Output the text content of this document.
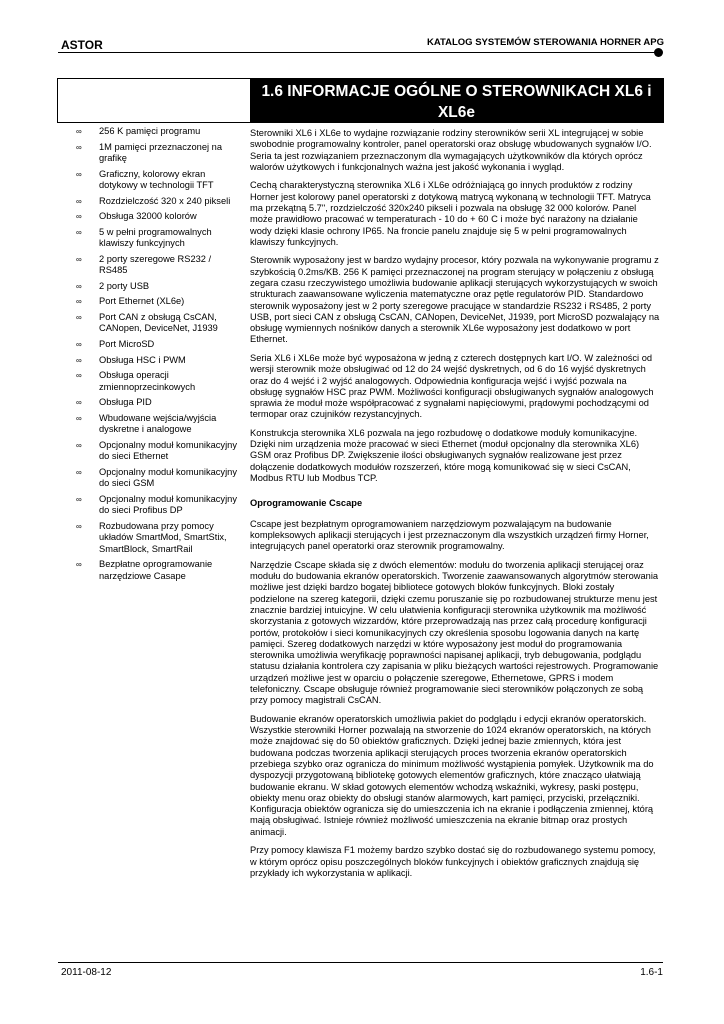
ASTOR	KATALOG SYSTEMÓW STEROWANIA HORNER APG
1.6 INFORMACJE OGÓLNE O STEROWNIKACH XL6 i XL6e
∞ 256 K pamięci programu
∞ 1M pamięci przeznaczonej na grafikę
∞ Graficzny, kolorowy ekran dotykowy w technologii TFT
∞ Rozdzielczość 320 x 240 pikseli
∞ Obsługa 32000 kolorów
∞ 5 w pełni programowalnych klawiszy funkcyjnych
∞ 2 porty szeregowe RS232 / RS485
∞ 2 porty USB
∞ Port Ethernet (XL6e)
∞ Port CAN z obsługą CsCAN, CANopen, DeviceNet, J1939
∞ Port MicroSD
∞ Obsługa HSC i PWM
∞ Obsługa operacji zmiennoprzecinkowych
∞ Obsługa PID
∞ Wbudowane wejścia/wyjścia dyskretne i analogowe
∞ Opcjonalny moduł komunikacyjny do sieci Ethernet
∞ Opcjonalny moduł komunikacyjny do sieci GSM
∞ Opcjonalny moduł komunikacyjny do sieci Profibus DP
∞ Rozbudowana przy pomocy układów SmartMod, SmartStix, SmartBlock, SmartRail
∞ Bezpłatne oprogramowanie narzędziowe Casape

Sterowniki XL6 i XL6e to wydajne rozwiązanie rodziny sterowników serii XL integrującej w sobie swobodnie programowalny kontroler, panel operatorski oraz obsługę wbudowanych sygnałów I/O. Seria ta jest rozwiązaniem przeznaczonym dla wymagających użytkowników dla których oprócz walorów użytkowych i funkcjonalnych ważna jest jakość wykonania i wygląd.

Cechą charakterystyczną sterownika XL6 i XL6e odróżniającą go innych produktów z rodziny Horner jest kolorowy panel operatorski z dotykową matrycą wykonaną w technologii TFT. Matryca ma przekątną 5.7", rozdzielczość 320x240 pikseli i pozwala na obsługę 32 000 kolorów. Panel może prawidłowo pracować w temperaturach - 10 do + 60 C i może być narażony na działanie wody dzięki klasie ochrony IP65. Na froncie panelu znajduje się 5 w pełni programowalnych klawiszy funkcyjnych.

Sterownik wyposażony jest w bardzo wydajny procesor, który pozwala na wykonywanie programu z szybkością 0.2ms/KB. 256 K pamięci przeznaczonej na program sterujący w połączeniu z obsługą zegara czasu rzeczywistego umożliwia budowanie aplikacji sterujących wykorzystujących w swoich strukturach zaawansowane wyliczenia matematyczne oraz pętle regulatorów PID. Standardowo sterownik wyposażony jest w 2 porty szeregowe pracujące w standardzie RS232 i RS485, 2 porty USB, port sieci CAN z obsługą CsCAN, CANopen, DeviceNet, J1939, port MicroSD pozwalający na obsługę wymiennych nośników danych a sterownik XL6e wyposażony jest dodatkowo w port Ethernet.

Seria XL6 i XL6e może być wyposażona w jedną z czterech dostępnych kart I/O. W zależności od wersji sterownik może obsługiwać od 12 do 24 wejść dyskretnych, od 6 do 16 wyjść dyskretnych oraz do 4 wejść i 2 wyjść analogowych. Odpowiednia konfiguracja wejść i wyjść pozwala na obsługę sygnałów HSC praz PWM. Możliwości konfiguracji obsługiwanych sygnałów analogowych sprawia że moduł może współpracować z sygnałami napięciowymi, prądowymi pochodzącymi od termopar oraz czujników rezystancyjnych.

Konstrukcja sterownika XL6 pozwala na jego rozbudowę o dodatkowe moduły komunikacyjne. Dzięki nim urządzenia może pracować w sieci Ethernet (moduł opcjonalny dla sterownika XL6) GSM oraz Profibus DP. Zwiększenie ilości obsługiwanych sygnałów realizowane jest przez dołączenie dodatkowych modułów rozszerzeń, które mogą komunikować się w sieci CsCAN, Modbus RTU lub Modbus TCP.

Oprogramowanie Cscape

Cscape jest bezpłatnym oprogramowaniem narzędziowym pozwalającym na budowanie kompleksowych aplikacji sterujących i jest przeznaczonym dla wszystkich urządzeń firmy Horner, integrujących panel operatorki oraz sterownik programowalny.

Narzędzie Cscape składa się z dwóch elementów: modułu do tworzenia aplikacji sterującej oraz modułu do budowania ekranów operatorskich. Tworzenie zaawansowanych algorytmów sterowania możliwe jest dzięki bardzo bogatej bibliotece gotowych bloków funkcyjnych. Bloki zostały podzielone na szereg kategorii, dzięki czemu poruszanie się po rozbudowanej strukturze menu jest znacznie bardziej intuicyjne. W celu ułatwienia konfiguracji sterownika użytkownik ma możliwość skorzystania z gotowych wizzardów, które przeprowadzają nas przez całą procedurę konfiguracji portów, protokołów i sieci komunikacyjnych czy określenia sposobu logowania danych na kartę pamięci. Szereg dodatkowych narzędzi w które wyposażony jest moduł do programowania sterownika umożliwia weryfikację poprawności napisanej aplikacji, tryb debugowania, podglądu statusu działania kontrolera czy zapisania w pliku bieżących wartości rejestrowych. Programowanie urządzeń możliwe jest w oparciu o połączenie szeregowe, Ethernetowe, GPRS i modem telefoniczny. Cscape obsługuje również programowanie sieci sterowników połączonych ze sobą przy pomocy magistrali CsCAN.

Budowanie ekranów operatorskich umożliwia pakiet do podglądu i edycji ekranów operatorskich. Wszystkie sterowniki Horner pozwalają na stworzenie do 1024 ekranów operatorskich, na których może znajdować się do 50 obiektów graficznych. Dzięki jednej bazie zmiennych, która jest budowana podczas tworzenia aplikacji sterujących proces tworzenia ekranów operatorskich przebiega szybko oraz ogranicza do minimum możliwość wystąpienia pomyłek. Użytkownik ma do dyspozycji przygotowaną bibliotekę gotowych elementów graficznych, które znacząco ułatwiają budowanie ekranu. W skład gotowych elementów wchodzą wskaźniki, wykresy, paski postępu, obiekty menu oraz obiekty do obsługi stanów alarmowych, kart pamięci, przyciski, przełączniki. Konfiguracja obiektów ogranicza się do umieszczenia ich na ekranie i podłączenia zmiennej, którą mają obsługiwać. Istnieje również możliwość umieszczenia na ekranie bitmap oraz prostych animacji.

Przy pomocy klawisza F1 możemy bardzo szybko dostać się do rozbudowanego systemu pomocy, w którym oprócz opisu poszczególnych bloków funkcyjnych i obiektów graficznych znajdują się przykłady ich wykorzystania w aplikacji.

2011-08-12	1.6-1
